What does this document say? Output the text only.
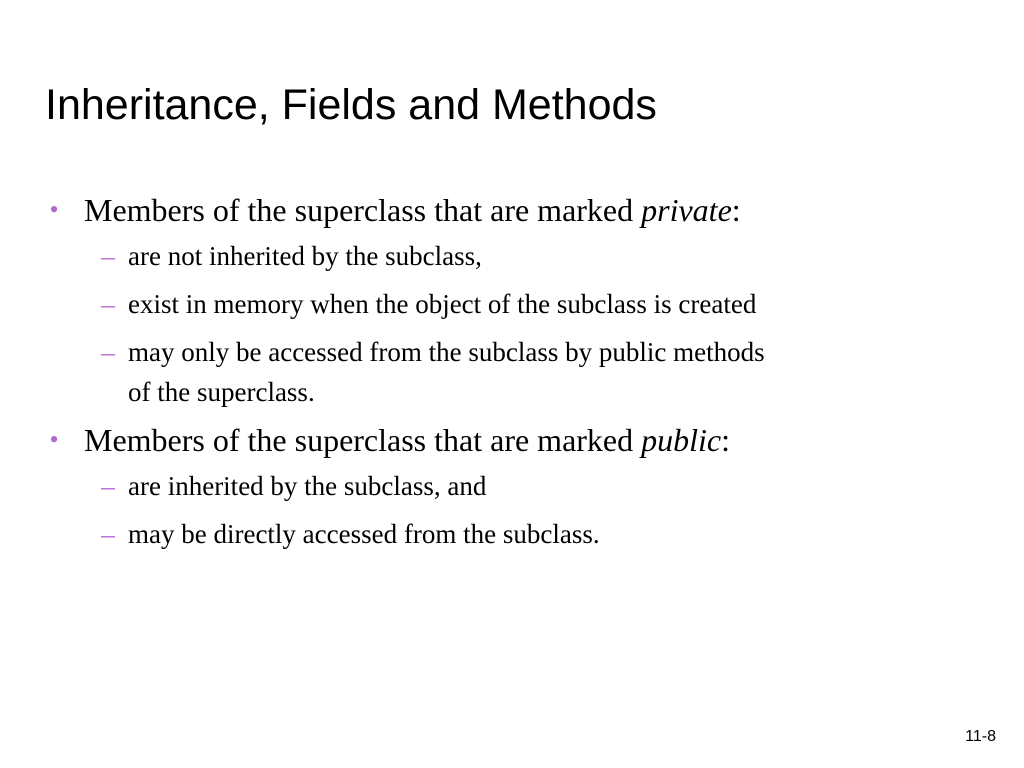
Inheritance, Fields and Methods
• Members of the superclass that are marked private:
– are not inherited by the subclass,
– exist in memory when the object of the subclass is created
– may only be accessed from the subclass by public methods
of the superclass.
• Members of the superclass that are marked public:
– are inherited by the subclass, and
– may be directly accessed from the subclass.
11-8
